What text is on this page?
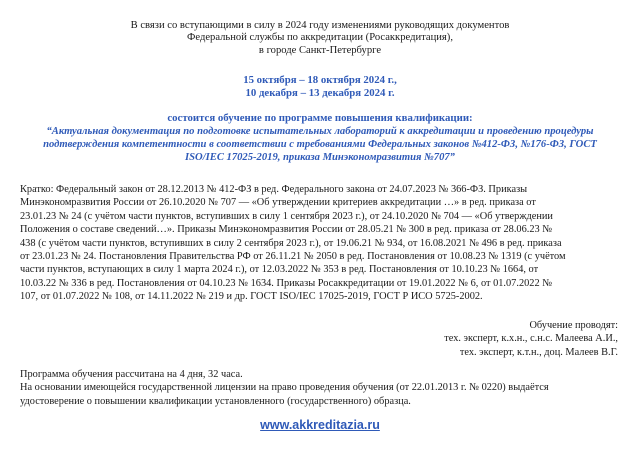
В связи со вступающими в силу в 2024 году изменениями руководящих документов
Федеральной службы по аккредитации (Росаккредитация),
в городе Санкт-Петербурге
15 октября – 18 октября 2024 г.,
10 декабря – 13 декабря 2024 г.
состоится обучение по программе повышения квалификации:
“Актуальная документация по подготовке испытательных лабораторий к аккредитации и проведению процедуры
подтверждения компетентности в соответствии с требованиями Федеральных законов №412-ФЗ, №176-ФЗ, ГОСТ
ISO/IEC 17025-2019, приказа Минэкономразвития №707”
Кратко: Федеральный закон от 28.12.2013 № 412-ФЗ в ред. Федерального закона от 24.07.2023 № 366-ФЗ. Приказы
Минэкономразвития России от 26.10.2020 № 707 — «Об утверждении критериев аккредитации …» в ред. приказа от
23.01.23 № 24 (с учётом части пунктов, вступивших в силу 1 сентября 2023 г.), от 24.10.2020 № 704 — «Об утверждении
Положения о составе сведений…». Приказы Минэкономразвития России от 28.05.21 № 300 в ред. приказа от 28.06.23 №
438 (с учётом части пунктов, вступивших в силу 2 сентября 2023 г.), от 19.06.21 № 934, от 16.08.2021 № 496 в ред. приказа
от 23.01.23 № 24. Постановления Правительства РФ от 26.11.21 № 2050 в ред. Постановления от 10.08.23 № 1319 (с учётом
части пунктов, вступающих в силу 1 марта 2024 г.), от 12.03.2022 № 353 в ред. Постановления от 10.10.23 № 1664, от
10.03.22 № 336 в ред. Постановления от 04.10.23 № 1634. Приказы Росаккредитации от 19.01.2022 № 6, от 01.07.2022 №
107, от 01.07.2022 № 108, от 14.11.2022 № 219 и др. ГОСТ ISO/IEC 17025-2019, ГОСТ Р ИСО 5725-2002.
Обучение проводят:
тех. эксперт, к.х.н., с.н.с. Малеева А.И.,
тех. эксперт, к.т.н., доц. Малеев В.Г.
Программа обучения рассчитана на 4 дня, 32 часа.
На основании имеющейся государственной лицензии на право проведения обучения (от 22.01.2013 г. № 0220) выдаётся
удостоверение о повышении квалификации установленного (государственного) образца.
www.akkreditazia.ru
